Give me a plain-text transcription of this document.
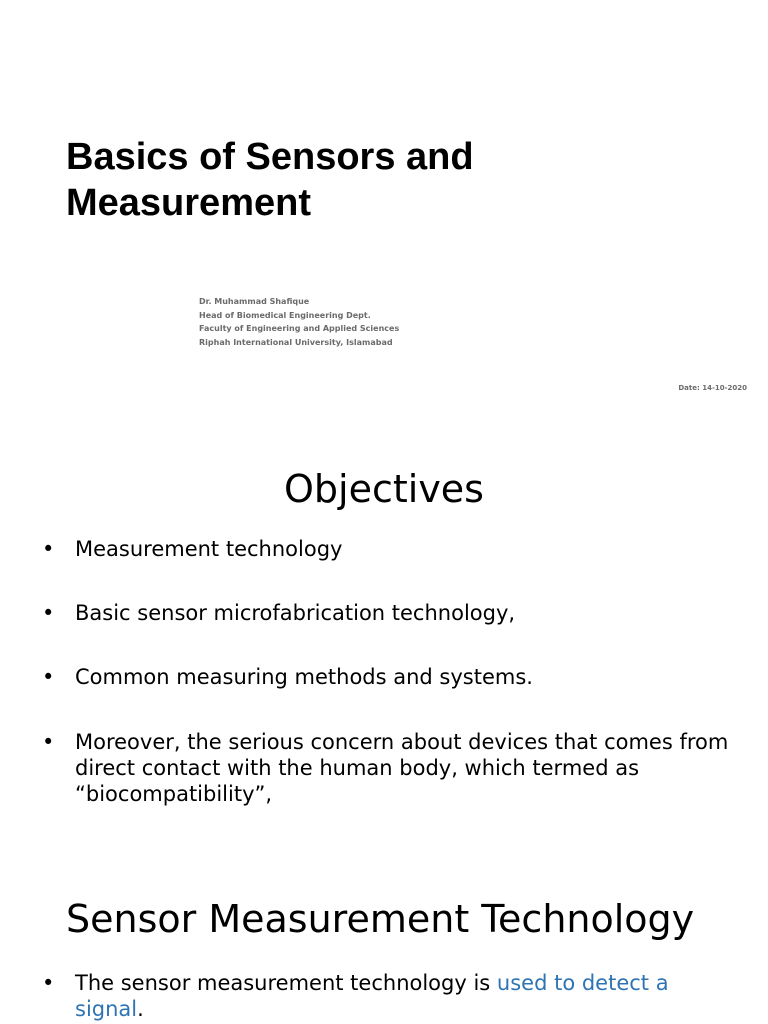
Basics of Sensors and
Measurement
Dr. Muhammad Shafique
Head of Biomedical Engineering Dept.
Faculty of Engineering and Applied Sciences
Riphah International University, Islamabad
Date: 14-10-2020
Objectives
• Measurement technology
• Basic sensor microfabrication technology,
• Common measuring methods and systems.
• Moreover, the serious concern about devices that comes from direct contact with the human body, which termed as “biocompatibility”,
Sensor Measurement Technology
• The sensor measurement technology is used to detect a signal.
